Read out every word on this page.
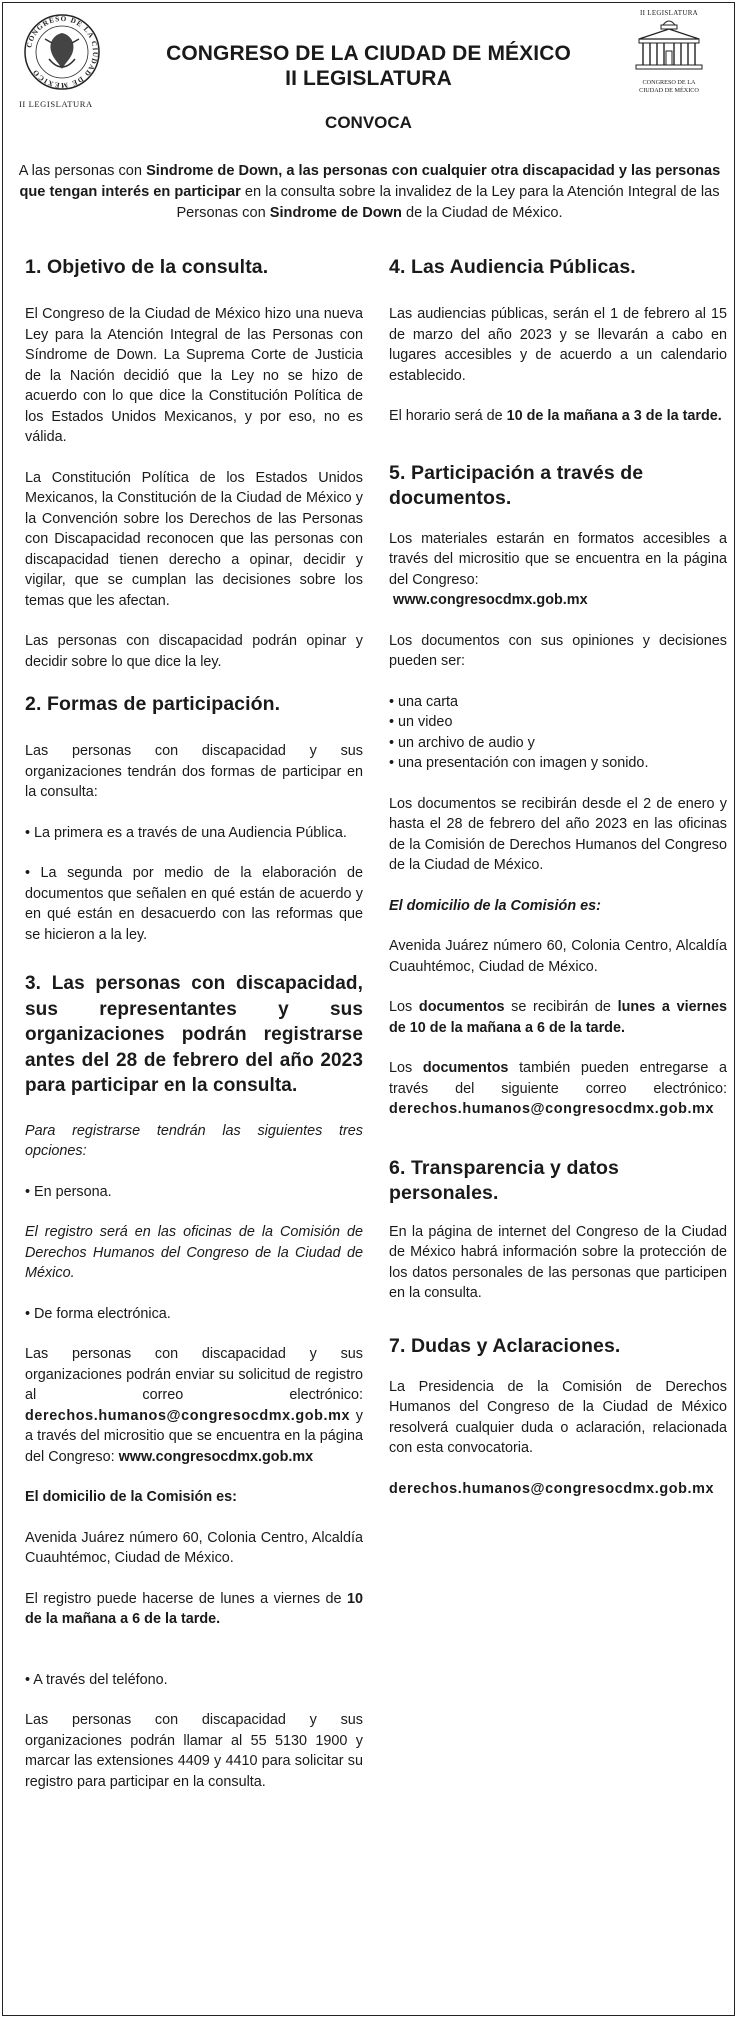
CONGRESO DE LA CIUDAD DE MÉXICO
II LEGISLATURA
II LEGISLATURA
CONGRESO DE LA
CIUDAD DE MÉXICO
CONGRESO DE LA CIUDAD DE MÉXICO
II LEGISLATURA
CONVOCA
A las personas con Sindrome de Down, a las personas con cualquier otra discapacidad y las personas que tengan interés en participar en la consulta sobre la invalidez de la Ley para la Atención Integral de las Personas con Sindrome de Down de la Ciudad de México.
1. Objetivo de la consulta.

El Congreso de la Ciudad de México hizo una nueva Ley para la Atención Integral de las Personas con Síndrome de Down. La Suprema Corte de Justicia de la Nación decidió que la Ley no se hizo de acuerdo con lo que dice la Constitución Política de los Estados Unidos Mexicanos, y por eso, no es válida.

La Constitución Política de los Estados Unidos Mexicanos, la Constitución de la Ciudad de México y la Convención sobre los Derechos de las Personas con Discapacidad reconocen que las personas con discapacidad tienen derecho a opinar, decidir y vigilar, que se cumplan las decisiones sobre los temas que les afectan.

Las personas con discapacidad podrán opinar y decidir sobre lo que dice la ley.

2. Formas de participación.

Las personas con discapacidad y sus organizaciones tendrán dos formas de participar en la consulta:

• La primera es a través de una Audiencia Pública.

• La segunda por medio de la elaboración de documentos que señalen en qué están de acuerdo y en qué están en desacuerdo con las reformas que se hicieron a la ley.

3. Las personas con discapacidad, sus representantes y sus organizaciones podrán registrarse antes del 28 de febrero del año 2023 para participar en la consulta.

Para registrarse tendrán las siguientes tres opciones:

• En persona.

El registro será en las oficinas de la Comisión de Derechos Humanos del Congreso de la Ciudad de México.

• De forma electrónica.

Las personas con discapacidad y sus organizaciones podrán enviar su solicitud de registro al correo electrónico: derechos.humanos@congresocdmx.gob.mx y a través del micrositio que se encuentra en la página del Congreso: www.congresocdmx.gob.mx

El domicilio de la Comisión es:

Avenida Juárez número 60, Colonia Centro, Alcaldía Cuauhtémoc, Ciudad de México.

El registro puede hacerse de lunes a viernes de 10 de la mañana a 6 de la tarde.

• A través del teléfono.

Las personas con discapacidad y sus organizaciones podrán llamar al 55 5130 1900 y marcar las extensiones 4409 y 4410 para solicitar su registro para participar en la consulta.

4. Las Audiencia Públicas.

Las audiencias públicas, serán el 1 de febrero al 15 de marzo del año 2023 y se llevarán a cabo en lugares accesibles y de acuerdo a un calendario establecido.

El horario será de 10 de la mañana a 3 de la tarde.

5. Participación a través de documentos.

Los materiales estarán en formatos accesibles a través del micrositio que se encuentra en la página del Congreso:
www.congresocdmx.gob.mx

Los documentos con sus opiniones y decisiones pueden ser:

• una carta
• un video
• un archivo de audio y
• una presentación con imagen y sonido.

Los documentos se recibirán desde el 2 de enero y hasta el 28 de febrero del año 2023 en las oficinas de la Comisión de Derechos Humanos del Congreso de la Ciudad de México.

El domicilio de la Comisión es:

Avenida Juárez número 60, Colonia Centro, Alcaldía Cuauhtémoc, Ciudad de México.

Los documentos se recibirán de lunes a viernes de 10 de la mañana a 6 de la tarde.

Los documentos también pueden entregarse a través del siguiente correo electrónico: derechos.humanos@congresocdmx.gob.mx

6. Transparencia y datos personales.

En la página de internet del Congreso de la Ciudad de México habrá información sobre la protección de los datos personales de las personas que participen en la consulta.

7. Dudas y Aclaraciones.

La Presidencia de la Comisión de Derechos Humanos del Congreso de la Ciudad de México resolverá cualquier duda o aclaración, relacionada con esta convocatoria.

derechos.humanos@congresocdmx.gob.mx
